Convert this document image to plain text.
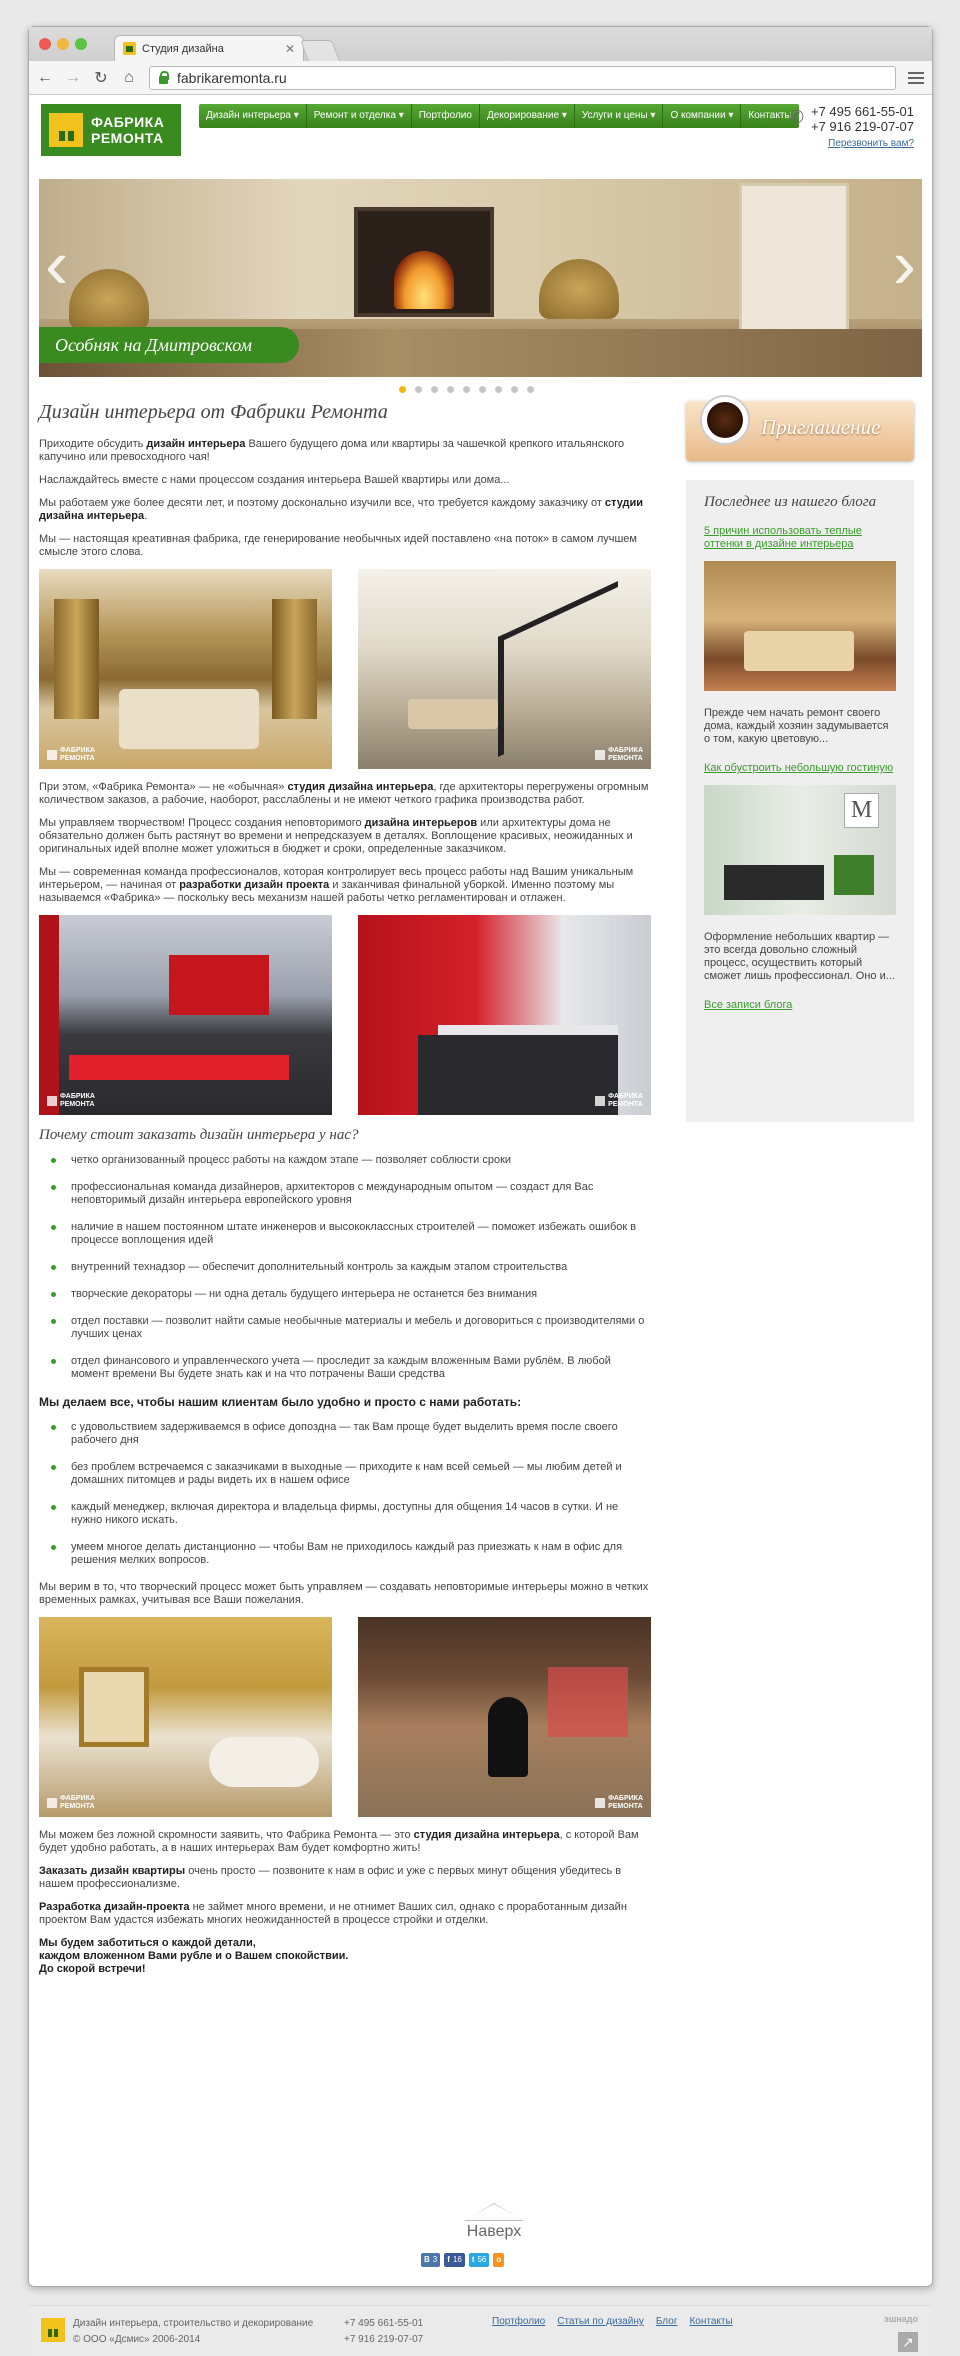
Студия дизайна	✕
← → ↻ ⌂	fabrikaremonta.ru
ФАБРИКА
РЕМОНТА
Дизайн интерьера ▾	Ремонт и отделка ▾	Портфолио	Декорирование ▾	Услуги и цены ▾	О компании ▾	Контакты
✆ +7 495 661-55-01
+7 916 219-07-07
Перезвонить вам?
‹	›
Особняк на Дмитровском шоссе
Дизайн интерьера от Фабрики Ремонта

Приходите обсудить дизайн интерьера Вашего будущего дома или квартиры за чашечкой крепкого итальянского капучино или превосходного чая!

Наслаждайтесь вместе с нами процессом создания интерьера Вашей квартиры или дома...

Мы работаем уже более десяти лет, и поэтому досконально изучили все, что требуется каждому заказчику от студии дизайна интерьера.

Мы — настоящая креативная фабрика, где генерирование необычных идей поставлено «на поток» в самом лучшем смысле этого слова.

ФАБРИКА
РЕМОНТА
ФАБРИКА
РЕМОНТА

При этом, «Фабрика Ремонта» — не «обычная» студия дизайна интерьера, где архитекторы перегружены огромным количеством заказов, а рабочие, наоборот, расслаблены и не имеют четкого графика производства работ.

Мы управляем творчеством! Процесс создания неповторимого дизайна интерьеров или архитектуры дома не обязательно должен быть растянут во времени и непредсказуем в деталях. Воплощение красивых, неожиданных и оригинальных идей вполне может уложиться в бюджет и сроки, определенные заказчиком.

Мы — современная команда профессионалов, которая контролирует весь процесс работы над Вашим уникальным интерьером, — начиная от разработки дизайн проекта и заканчивая финальной уборкой. Именно поэтому мы называемся «Фабрика» — поскольку весь механизм нашей работы четко регламентирован и отлажен.

ФАБРИКА
РЕМОНТА
ФАБРИКА
РЕМОНТА
Почему стоит заказать дизайн интерьера у нас?
четко организованный процесс работы на каждом этапе — позволяет соблюсти сроки
профессиональная команда дизайнеров, архитекторов с международным опытом — создаст для Вас неповторимый дизайн интерьера европейского уровня
наличие в нашем постоянном штате инженеров и высококлассных строителей — поможет избежать ошибок в процессе воплощения идей
внутренний технадзор — обеспечит дополнительный контроль за каждым этапом строительства
творческие декораторы — ни одна деталь будущего интерьера не останется без внимания
отдел поставки — позволит найти самые необычные материалы и мебель и договориться с производителями о лучших ценах
отдел финансового и управленческого учета — проследит за каждым вложенным Вами рублём. В любой момент времени Вы будете знать как и на что потрачены Ваши средства
Мы делаем все, чтобы нашим клиентам было удобно и просто с нами работать:
с удовольствием задерживаемся в офисе допоздна — так Вам проще будет выделить время после своего рабочего дня
без проблем встречаемся с заказчиками в выходные — приходите к нам всей семьей — мы любим детей и домашних питомцев и рады видеть их в нашем офисе
каждый менеджер, включая директора и владельца фирмы, доступны для общения 14 часов в сутки. И не нужно никого искать.
умеем многое делать дистанционно — чтобы Вам не приходилось каждый раз приезжать к нам в офис для решения мелких вопросов.

Мы верим в то, что творческий процесс может быть управляем — создавать неповторимые интерьеры можно в четких временных рамках, учитывая все Ваши пожелания.

ФАБРИКА
РЕМОНТА
ФАБРИКА
РЕМОНТА

Мы можем без ложной скромности заявить, что Фабрика Ремонта — это студия дизайна интерьера, с которой Вам будет удобно работать, а в наших интерьерах Вам будет комфортно жить!

Заказать дизайн квартиры очень просто — позвоните к нам в офис и уже с первых минут общения убедитесь в нашем профессионализме.

Разработка дизайн-проекта не займет много времени, и не отнимет Ваших сил, однако с проработанным дизайн проектом Вам удастся избежать многих неожиданностей в процессе стройки и отделки.

Мы будем заботиться о каждой детали,
каждом вложенном Вами рубле и о Вашем спокойствии.
До скорой встречи!

Приглашение
Последнее из нашего блога
5 причин использовать теплые оттенки в дизайне интерьера

Прежде чем начать ремонт своего дома, каждый хозяин задумывается о том, какую цветовую...

Как обустроить небольшую гостиную
M

Оформление небольших квартир — это всегда довольно сложный процесс, осуществить который сможет лишь профессионал. Оно и...

Все записи блога
Наверх
В 3 f 16 t 56 о
Дизайн интерьера, строительство и декорирование
© ООО «Дсмис» 2006-2014
+7 495 661-55-01
+7 916 219-07-07
Портфолио Статьи по дизайну Блог Контакты	эшнадо
↗
